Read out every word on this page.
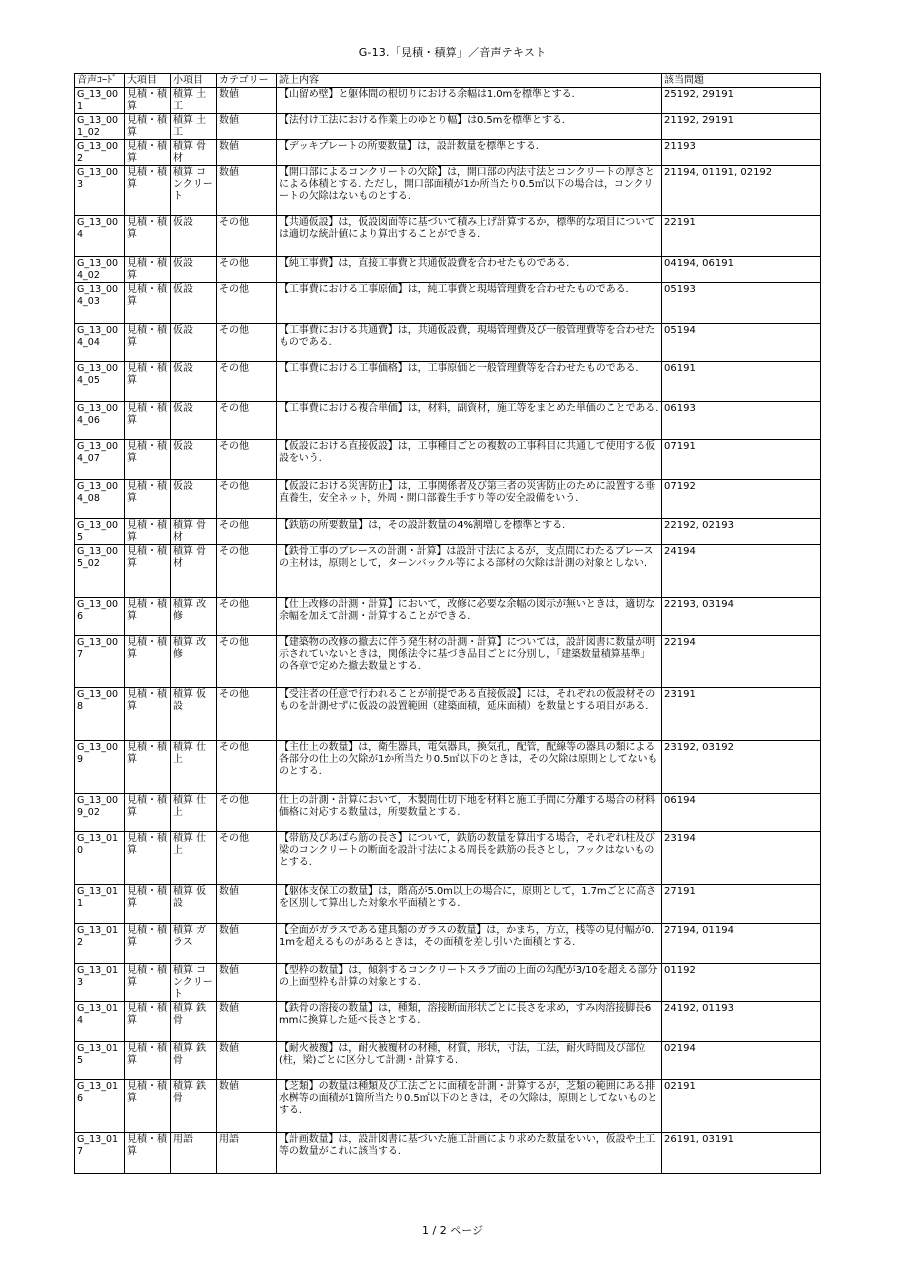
G-13.「見積・積算」／音声テキスト
音声ｺｰﾄﾞ	大項目	小項目	カテゴリー	読上内容	該当問題
G_13_001	見積・積算	積算 土工	数値	【山留め壁】と躯体間の根切りにおける余幅は1.0mを標準とする.	25192, 29191
G_13_001_02	見積・積算	積算 土工	数値	【法付け工法における作業上のゆとり幅】は0.5mを標準とする.	21192, 29191
G_13_002	見積・積算	積算 骨材	数値	【デッキプレートの所要数量】は，設計数量を標準とする.	21193
G_13_003	見積・積算	積算 コンクリート	数値	【開口部によるコンクリートの欠除】は，開口部の内法寸法とコンクリートの厚さとによる体積とする. ただし，開口部面積が1か所当たり0.5㎡以下の場合は，コンクリートの欠除はないものとする.	21194, 01191, 02192
G_13_004	見積・積算	仮設	その他	【共通仮設】は，仮設図面等に基づいて積み上げ計算するか，標準的な項目については適切な統計値により算出することができる.	22191
G_13_004_02	見積・積算	仮設	その他	【純工事費】は，直接工事費と共通仮設費を合わせたものである.	04194, 06191
G_13_004_03	見積・積算	仮設	その他	【工事費における工事原価】は，純工事費と現場管理費を合わせたものである.	05193
G_13_004_04	見積・積算	仮設	その他	【工事費における共通費】は，共通仮設費，現場管理費及び一般管理費等を合わせたものである.	05194
G_13_004_05	見積・積算	仮設	その他	【工事費における工事価格】は，工事原価と一般管理費等を合わせたものである.	06191
G_13_004_06	見積・積算	仮設	その他	【工事費における複合単価】は，材料，副資材，施工等をまとめた単価のことである.	06193
G_13_004_07	見積・積算	仮設	その他	【仮設における直接仮設】は，工事種目ごとの複数の工事科目に共通して使用する仮設をいう.	07191
G_13_004_08	見積・積算	仮設	その他	【仮設における災害防止】は，工事関係者及び第三者の災害防止のために設置する垂直養生，安全ネット，外周・開口部養生手すり等の安全設備をいう.	07192
G_13_005	見積・積算	積算 骨材	その他	【鉄筋の所要数量】は，その設計数量の4%割増しを標準とする.	22192, 02193
G_13_005_02	見積・積算	積算 骨材	その他	【鉄骨工事のブレースの計測・計算】は設計寸法によるが，支点間にわたるブレースの主材は，原則として，ターンバックル等による部材の欠除は計測の対象としない.	24194
G_13_006	見積・積算	積算 改修	その他	【仕上改修の計測・計算】において，改修に必要な余幅の図示が無いときは，適切な余幅を加えて計測・計算することができる.	22193, 03194
G_13_007	見積・積算	積算 改修	その他	【建築物の改修の撤去に伴う発生材の計測・計算】については，設計図書に数量が明示されていないときは，関係法令に基づき品目ごとに分別し，「建築数量積算基準」の各章で定めた撤去数量とする.	22194
G_13_008	見積・積算	積算 仮設	その他	【受注者の任意で行われることが前提である直接仮設】には，それぞれの仮設材そのものを計測せずに仮設の設置範囲（建築面積，延床面積）を数量とする項目がある.	23191
G_13_009	見積・積算	積算 仕上	その他	【主仕上の数量】は，衛生器具，電気器具，換気孔，配管，配線等の器具の類による各部分の仕上の欠除が1か所当たり0.5㎡以下のときは，その欠除は原則としてないものとする.	23192, 03192
G_13_009_02	見積・積算	積算 仕上	その他	仕上の計測・計算において，木製間仕切下地を材料と施工手間に分離する場合の材料価格に対応する数量は，所要数量とする.	06194
G_13_010	見積・積算	積算 仕上	その他	【帯筋及びあばら筋の長さ】について，鉄筋の数量を算出する場合，それぞれ柱及び梁のコンクリートの断面を設計寸法による周長を鉄筋の長さとし，フックはないものとする.	23194
G_13_011	見積・積算	積算 仮設	数値	【躯体支保工の数量】は，階高が5.0m以上の場合に，原則として，1.7mごとに高さを区別して算出した対象水平面積とする.	27191
G_13_012	見積・積算	積算 ガラス	数値	【全面がガラスである建具類のガラスの数量】は，かまち，方立，桟等の見付幅が0.1mを超えるものがあるときは，その面積を差し引いた面積とする.	27194, 01194
G_13_013	見積・積算	積算 コンクリート	数値	【型枠の数量】は，傾斜するコンクリートスラブ面の上面の勾配が3/10を超える部分の上面型枠も計算の対象とする.	01192
G_13_014	見積・積算	積算 鉄骨	数値	【鉄骨の溶接の数量】は，種類，溶接断面形状ごとに長さを求め，すみ肉溶接脚長6mmに換算した延べ長さとする.	24192, 01193
G_13_015	見積・積算	積算 鉄骨	数値	【耐火被覆】は，耐火被覆材の材種，材質，形状，寸法，工法，耐火時間及び部位(柱，梁)ごとに区分して計測・計算する.	02194
G_13_016	見積・積算	積算 鉄骨	数値	【芝類】の数量は種類及び工法ごとに面積を計測・計算するが，芝類の範囲にある排水桝等の面積が1箇所当たり0.5㎡以下のときは，その欠除は，原則としてないものとする.	02191
G_13_017	見積・積算	用語	用語	【計画数量】は，設計図書に基づいた施工計画により求めた数量をいい，仮設や土工等の数量がこれに該当する.	26191, 03191
1 / 2 ページ
